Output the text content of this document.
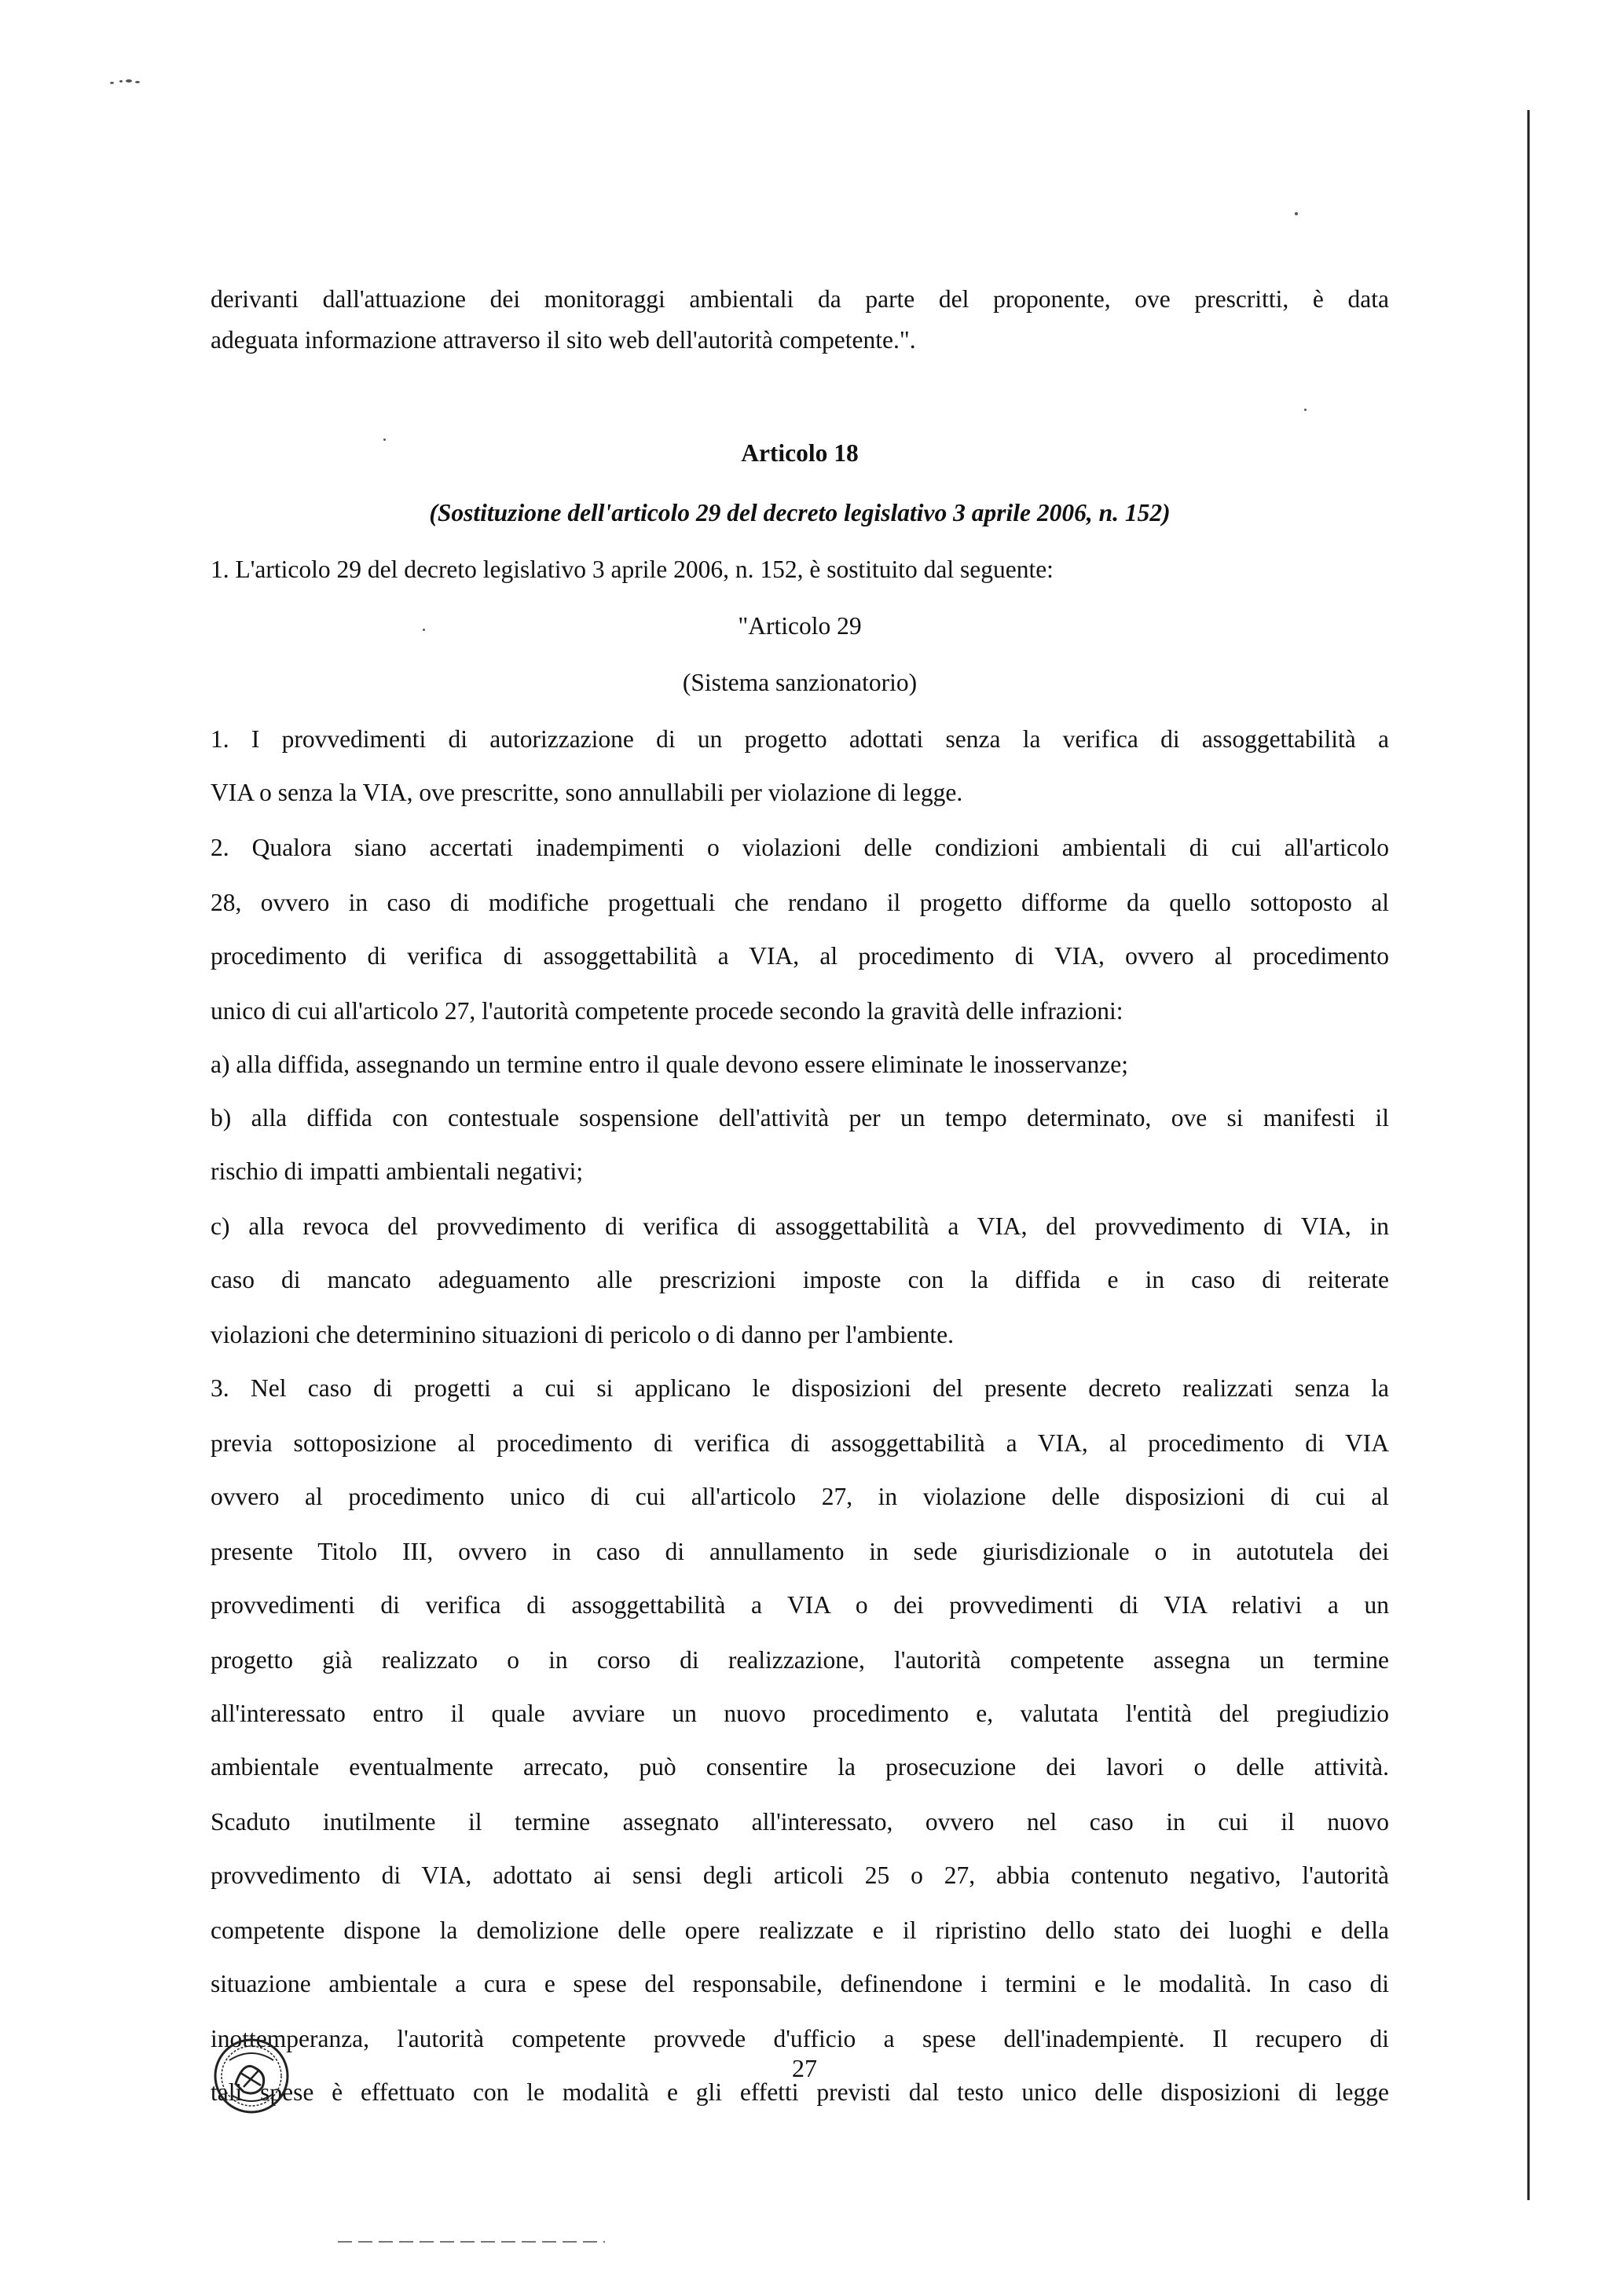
derivanti dall'attuazione dei monitoraggi ambientali da parte del proponente, ove prescritti, è data
adeguata informazione attraverso il sito web dell'autorità competente.".
Articolo 18
(Sostituzione dell'articolo 29 del decreto legislativo 3 aprile 2006, n. 152)
1. L'articolo 29 del decreto legislativo 3 aprile 2006, n. 152, è sostituito dal seguente:
"Articolo 29
(Sistema sanzionatorio)
1. I provvedimenti di autorizzazione di un progetto adottati senza la verifica di assoggettabilità a
VIA o senza la VIA, ove prescritte, sono annullabili per violazione di legge.
2. Qualora siano accertati inadempimenti o violazioni delle condizioni ambientali di cui all'articolo
28, ovvero in caso di modifiche progettuali che rendano il progetto difforme da quello sottoposto al
procedimento di verifica di assoggettabilità a VIA, al procedimento di VIA, ovvero al procedimento
unico di cui all'articolo 27, l'autorità competente procede secondo la gravità delle infrazioni:
a) alla diffida, assegnando un termine entro il quale devono essere eliminate le inosservanze;
b) alla diffida con contestuale sospensione dell'attività per un tempo determinato, ove si manifesti il
rischio di impatti ambientali negativi;
c) alla revoca del provvedimento di verifica di assoggettabilità a VIA, del provvedimento di VIA, in
caso di mancato adeguamento alle prescrizioni imposte con la diffida e in caso di reiterate
violazioni che determinino situazioni di pericolo o di danno per l'ambiente.
3. Nel caso di progetti a cui si applicano le disposizioni del presente decreto realizzati senza la
previa sottoposizione al procedimento di verifica di assoggettabilità a VIA, al procedimento di VIA
ovvero al procedimento unico di cui all'articolo 27, in violazione delle disposizioni di cui al
presente Titolo III, ovvero in caso di annullamento in sede giurisdizionale o in autotutela dei
provvedimenti di verifica di assoggettabilità a VIA o dei provvedimenti di VIA relativi a un
progetto già realizzato o in corso di realizzazione, l'autorità competente assegna un termine
all'interessato entro il quale avviare un nuovo procedimento e, valutata l'entità del pregiudizio
ambientale eventualmente arrecato, può consentire la prosecuzione dei lavori o delle attività.
Scaduto inutilmente il termine assegnato all'interessato, ovvero nel caso in cui il nuovo
provvedimento di VIA, adottato ai sensi degli articoli 25 o 27, abbia contenuto negativo, l'autorità
competente dispone la demolizione delle opere realizzate e il ripristino dello stato dei luoghi e della
situazione ambientale a cura e spese del responsabile, definendone i termini e le modalità. In caso di
inottemperanza, l'autorità competente provvede d'ufficio a spese dell'inadempiente. Il recupero di
tali spese è effettuato con le modalità e gli effetti previsti dal testo unico delle disposizioni di legge
27
